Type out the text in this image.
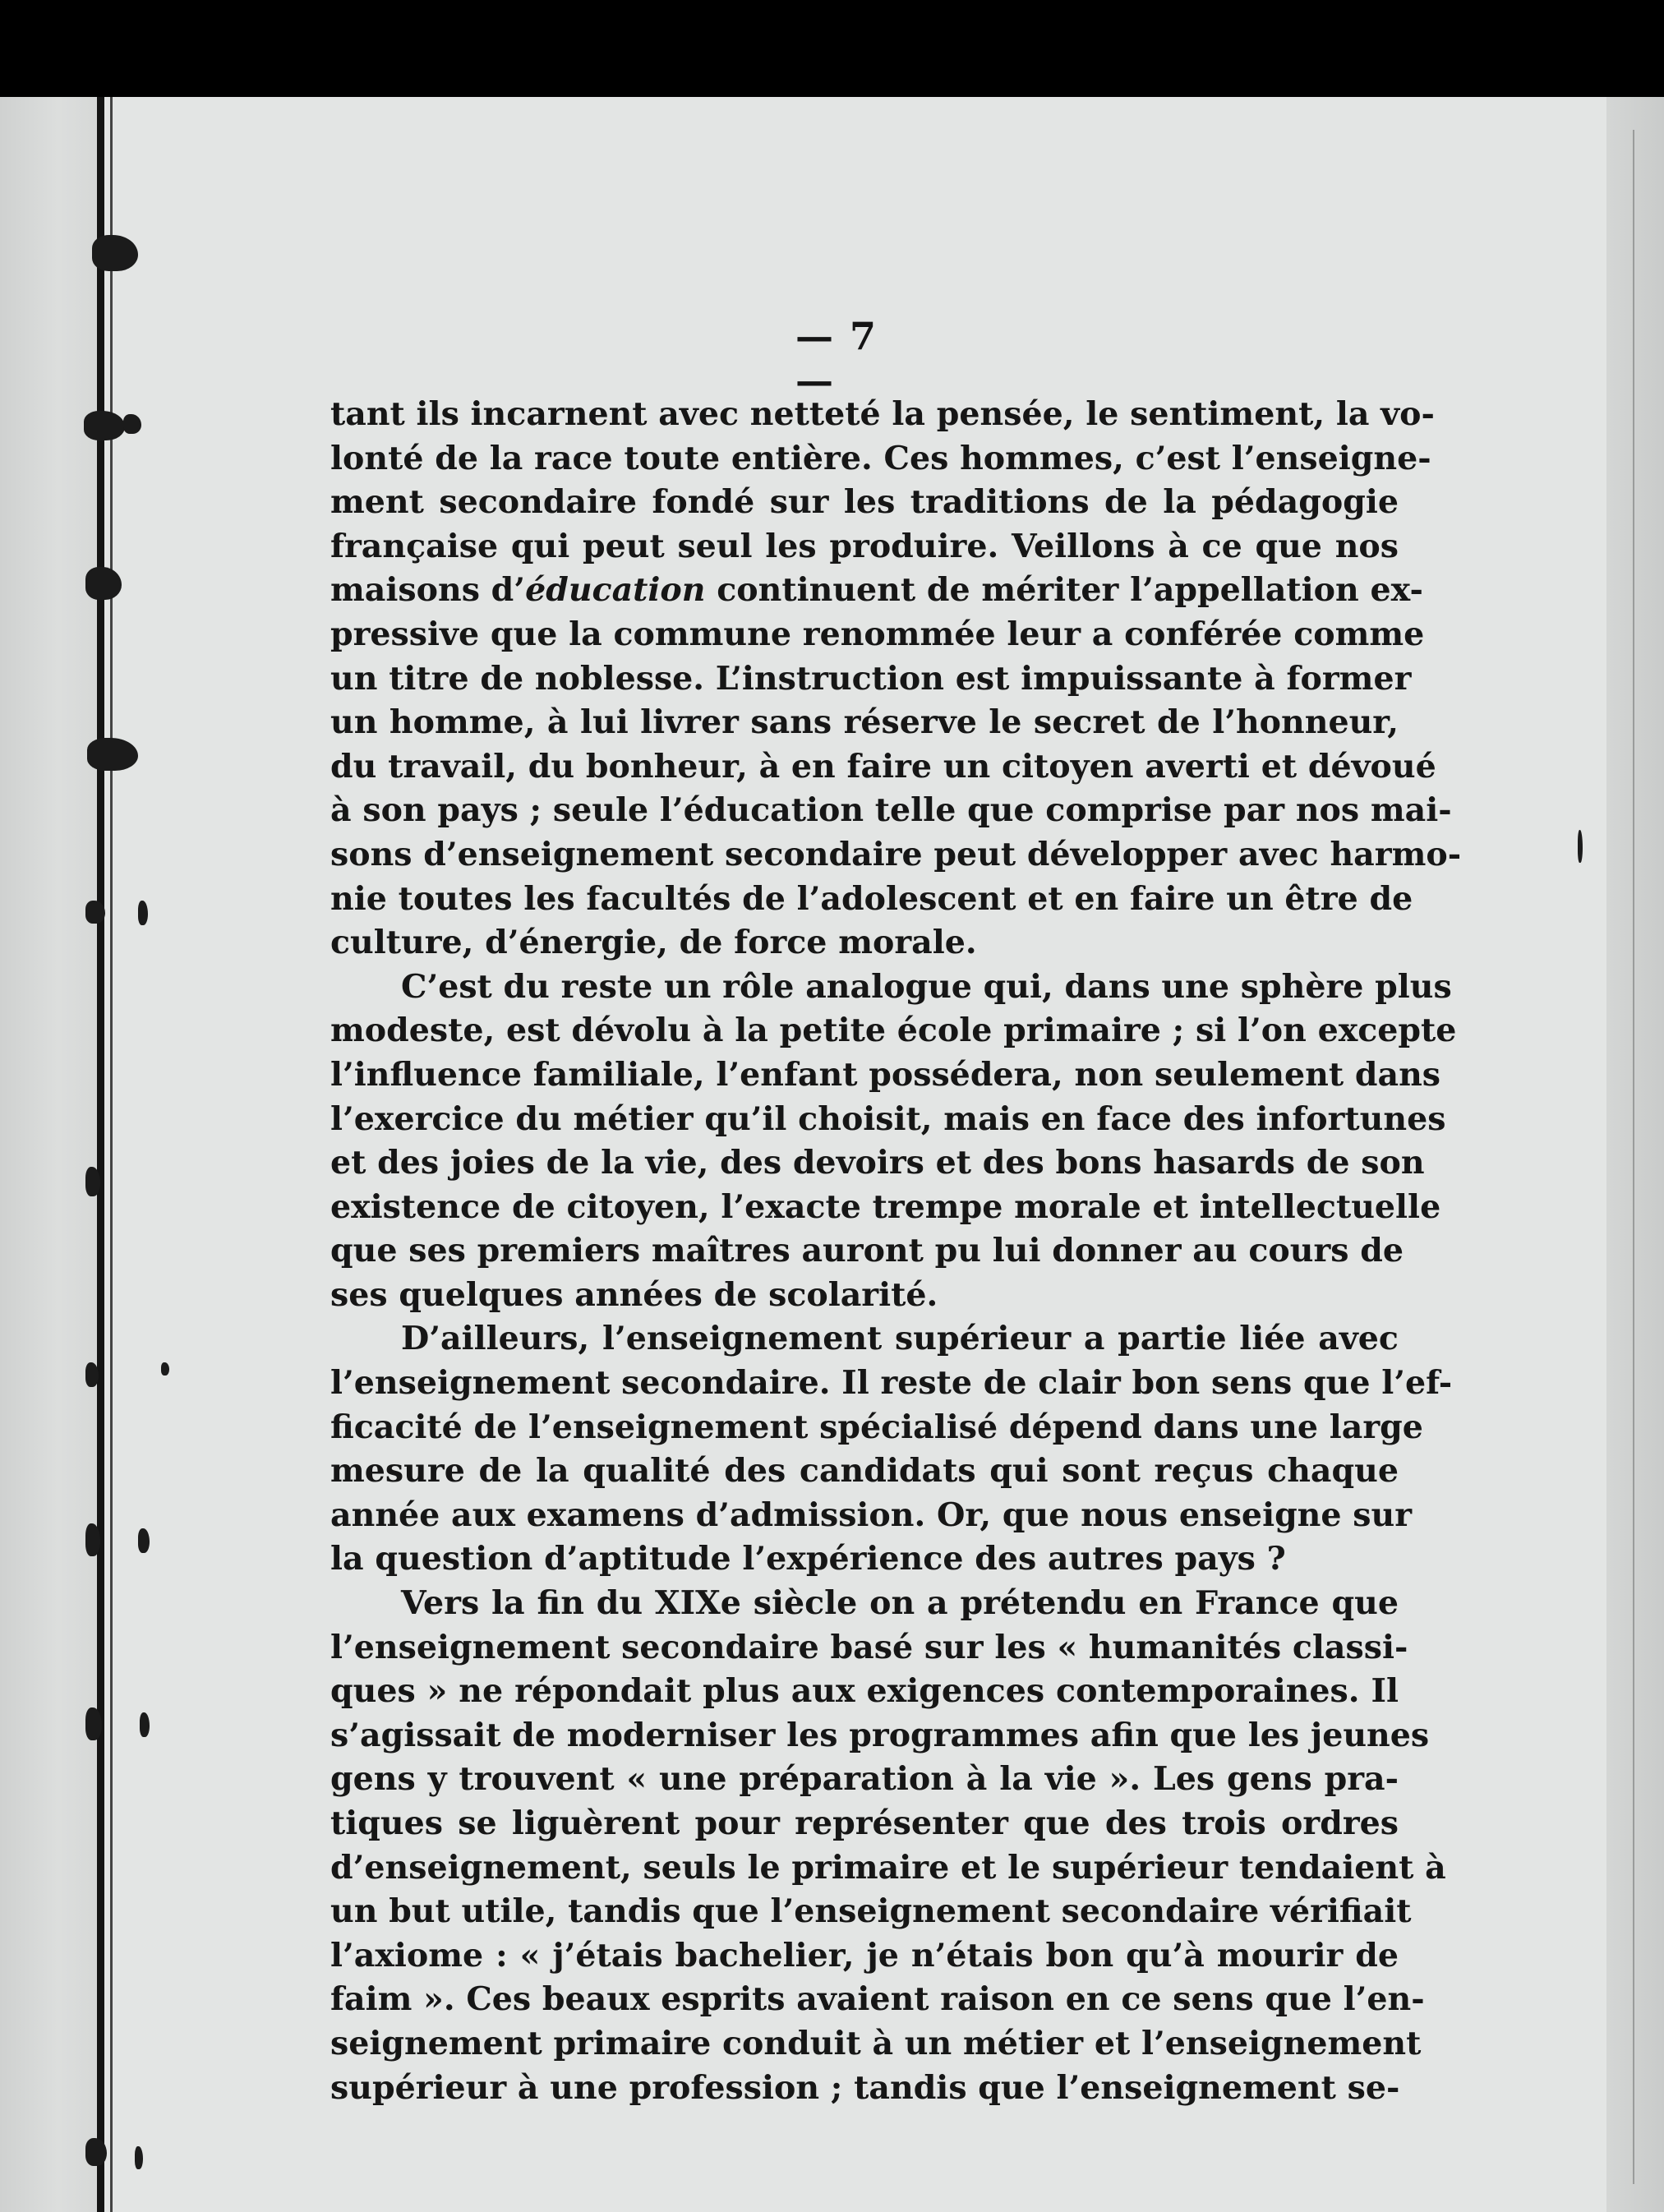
— 7 —
tant ils incarnent avec netteté la pensée, le sentiment, la vo-
lonté de la race toute entière. Ces hommes, c’est l’enseigne-
ment secondaire fondé sur les traditions de la pédagogie
française qui peut seul les produire. Veillons à ce que nos
maisons d’éducation continuent de mériter l’appellation ex-
pressive que la commune renommée leur a conférée comme
un titre de noblesse. L’instruction est impuissante à former
un homme, à lui livrer sans réserve le secret de l’honneur,
du travail, du bonheur, à en faire un citoyen averti et dévoué
à son pays ; seule l’éducation telle que comprise par nos mai-
sons d’enseignement secondaire peut développer avec harmo-
nie toutes les facultés de l’adolescent et en faire un être de
culture, d’énergie, de force morale.
C’est du reste un rôle analogue qui, dans une sphère plus
modeste, est dévolu à la petite école primaire ; si l’on excepte
l’influence familiale, l’enfant possédera, non seulement dans
l’exercice du métier qu’il choisit, mais en face des infortunes
et des joies de la vie, des devoirs et des bons hasards de son
existence de citoyen, l’exacte trempe morale et intellectuelle
que ses premiers maîtres auront pu lui donner au cours de
ses quelques années de scolarité.
D’ailleurs, l’enseignement supérieur a partie liée avec
l’enseignement secondaire. Il reste de clair bon sens que l’ef-
ficacité de l’enseignement spécialisé dépend dans une large
mesure de la qualité des candidats qui sont reçus chaque
année aux examens d’admission. Or, que nous enseigne sur
la question d’aptitude l’expérience des autres pays ?
Vers la fin du XIXe siècle on a prétendu en France que
l’enseignement secondaire basé sur les « humanités classi-
ques » ne répondait plus aux exigences contemporaines. Il
s’agissait de moderniser les programmes afin que les jeunes
gens y trouvent « une préparation à la vie ». Les gens pra-
tiques se liguèrent pour représenter que des trois ordres
d’enseignement, seuls le primaire et le supérieur tendaient à
un but utile, tandis que l’enseignement secondaire vérifiait
l’axiome : « j’étais bachelier, je n’étais bon qu’à mourir de
faim ». Ces beaux esprits avaient raison en ce sens que l’en-
seignement primaire conduit à un métier et l’enseignement
supérieur à une profession ; tandis que l’enseignement se-
